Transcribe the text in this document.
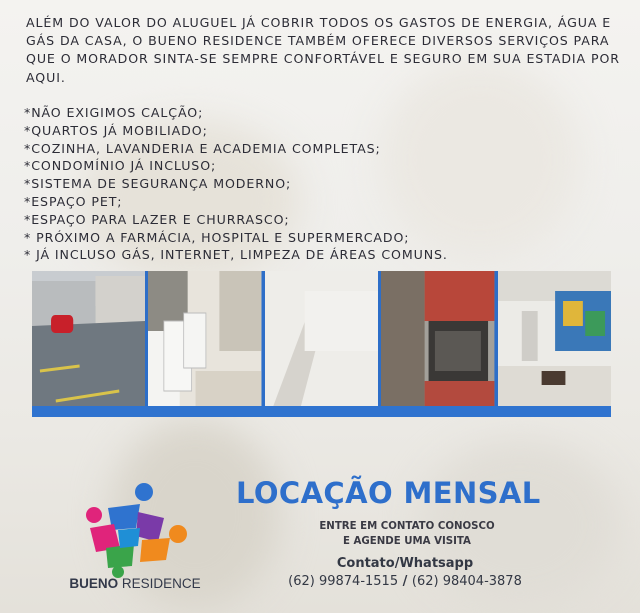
ALÉM DO VALOR DO ALUGUEL JÁ COBRIR TODOS OS GASTOS DE ENERGIA, ÁGUA E GÁS DA CASA, O BUENO RESIDENCE TAMBÉM OFERECE DIVERSOS SERVIÇOS PARA QUE O MORADOR SINTA-SE SEMPRE CONFORTÁVEL E SEGURO EM SUA ESTADIA POR AQUI.

*NÃO EXIGIMOS CALÇÃO;
*QUARTOS JÁ MOBILIADO;
*COZINHA, LAVANDERIA E ACADEMIA COMPLETAS;
*CONDOMÍNIO JÁ INCLUSO;
*SISTEMA DE SEGURANÇA MODERNO;
*ESPAÇO PET;
*ESPAÇO PARA LAZER E CHURRASCO;
* PRÓXIMO A FARMÁCIA, HOSPITAL E SUPERMERCADO;
* JÁ INCLUSO GÁS, INTERNET, LIMPEZA DE ÁREAS COMUNS.
BUENO RESIDENCE
LOCAÇÃO MENSAL
ENTRE EM CONTATO CONOSCO
E AGENDE UMA VISITA
Contato/Whatsapp
(62) 99874-1515 / (62) 98404-3878
